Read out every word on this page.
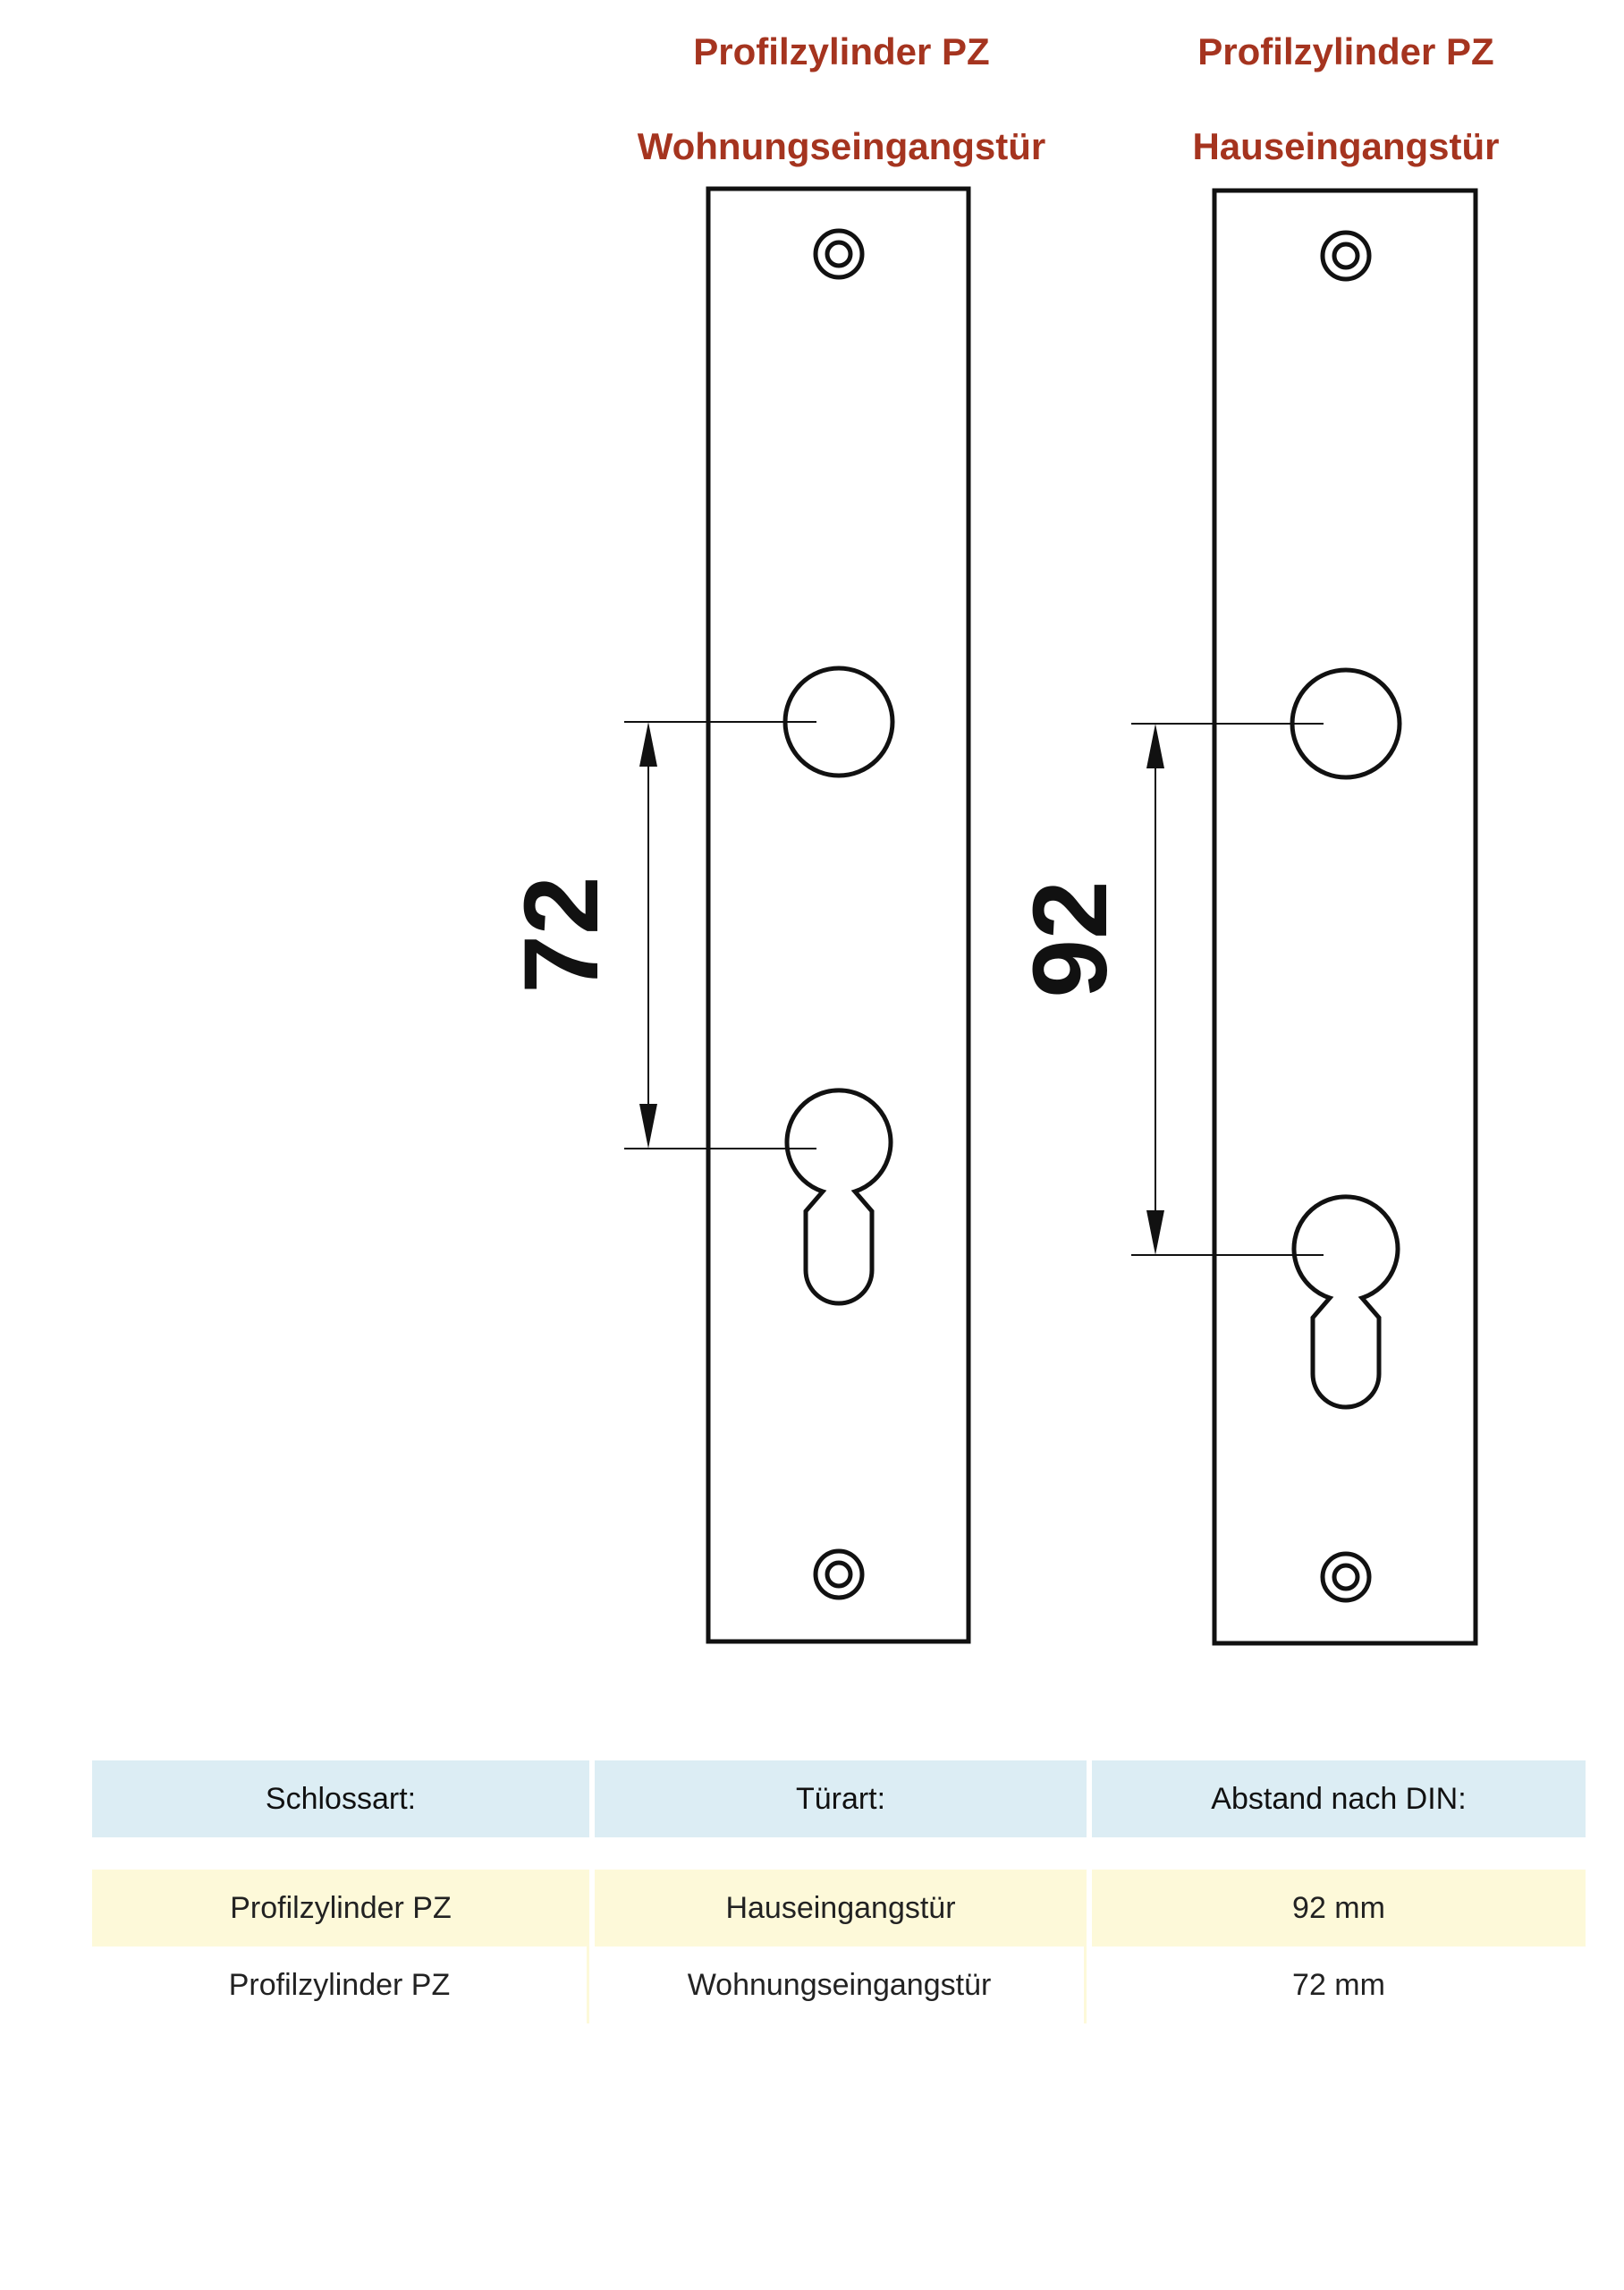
Profilzylinder PZ
Wohnungseingangstür
72
Profilzylinder PZ
Hauseingangstür
92
Schlossart:	Türart:	Abstand nach DIN:
Profilzylinder PZ	Hauseingangstür	92 mm
Profilzylinder PZ	Wohnungseingangstür	72 mm
